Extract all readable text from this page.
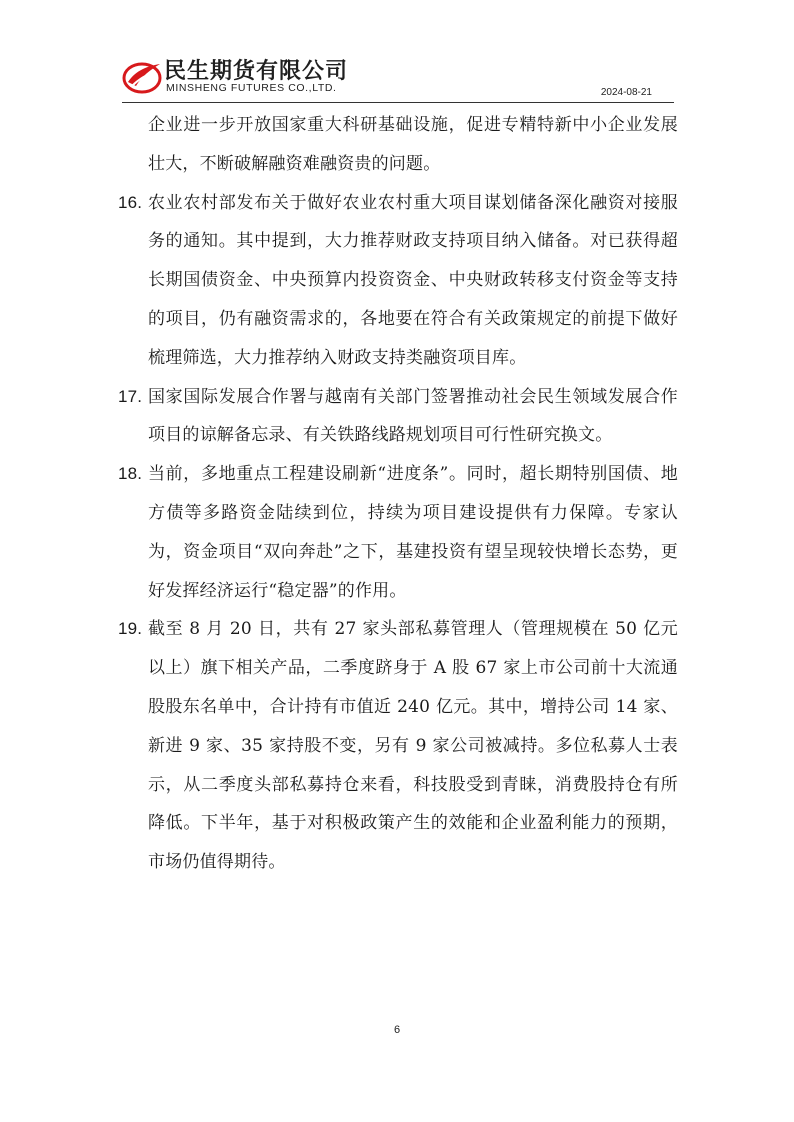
民生期货有限公司
MINSHENG FUTURES CO.,LTD.	2024-08-21
企业进一步开放国家重大科研基础设施，促进专精特新中小企业发展壮大，不断破解融资难融资贵的问题。
16. 农业农村部发布关于做好农业农村重大项目谋划储备深化融资对接服务的通知。其中提到，大力推荐财政支持项目纳入储备。对已获得超长期国债资金、中央预算内投资资金、中央财政转移支付资金等支持的项目，仍有融资需求的，各地要在符合有关政策规定的前提下做好梳理筛选，大力推荐纳入财政支持类融资项目库。
17. 国家国际发展合作署与越南有关部门签署推动社会民生领域发展合作项目的谅解备忘录、有关铁路线路规划项目可行性研究换文。
18. 当前，多地重点工程建设刷新“进度条”。同时，超长期特别国债、地方债等多路资金陆续到位，持续为项目建设提供有力保障。专家认为，资金项目“双向奔赴”之下，基建投资有望呈现较快增长态势，更好发挥经济运行“稳定器”的作用。
19. 截至 8 月 20 日，共有 27 家头部私募管理人（管理规模在 50 亿元以上）旗下相关产品，二季度跻身于 A 股 67 家上市公司前十大流通股股东名单中，合计持有市值近 240 亿元。其中，增持公司 14 家、新进 9 家、35 家持股不变，另有 9 家公司被减持。多位私募人士表示，从二季度头部私募持仓来看，科技股受到青睐，消费股持仓有所降低。下半年，基于对积极政策产生的效能和企业盈利能力的预期，市场仍值得期待。
6
